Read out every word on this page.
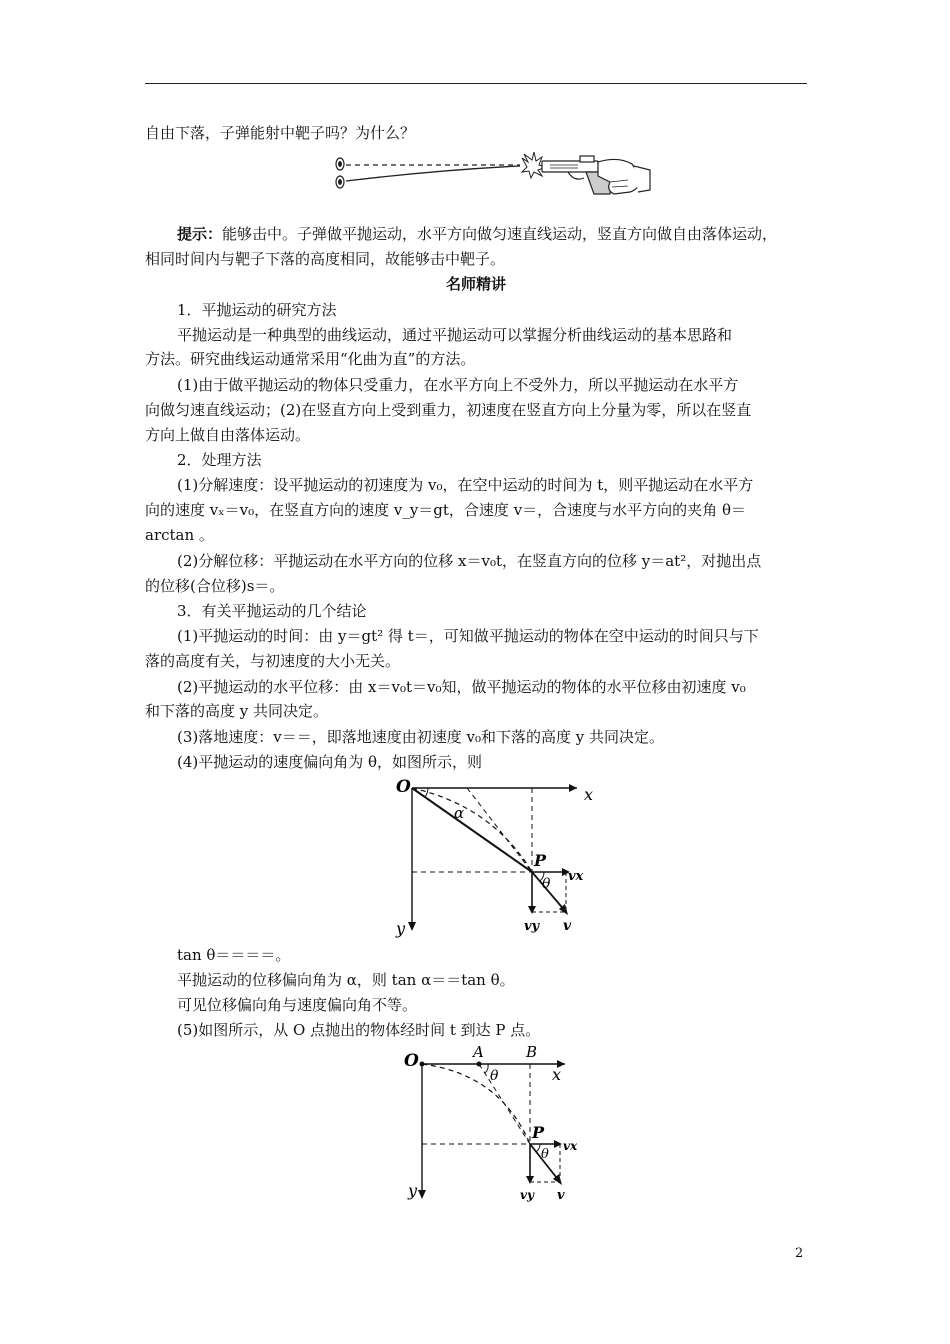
自由下落，子弹能射中靶子吗？为什么？
提示：能够击中。子弹做平抛运动，水平方向做匀速直线运动，竖直方向做自由落体运动，
相同时间内与靶子下落的高度相同，故能够击中靶子。
名师精讲
1．平抛运动的研究方法
平抛运动是一种典型的曲线运动，通过平抛运动可以掌握分析曲线运动的基本思路和
方法。研究曲线运动通常采用“化曲为直”的方法。
(1)由于做平抛运动的物体只受重力，在水平方向上不受外力，所以平抛运动在水平方
向做匀速直线运动；(2)在竖直方向上受到重力，初速度在竖直方向上分量为零，所以在竖直
方向上做自由落体运动。
2．处理方法
(1)分解速度：设平抛运动的初速度为 v₀，在空中运动的时间为 t，则平抛运动在水平方
向的速度 vₓ＝v₀，在竖直方向的速度 v_y＝gt，合速度 v＝，合速度与水平方向的夹角 θ＝
arctan 。
(2)分解位移：平抛运动在水平方向的位移 x＝v₀t，在竖直方向的位移 y＝at²，对抛出点
的位移(合位移)s＝。
3．有关平抛运动的几个结论
(1)平抛运动的时间：由 y＝gt² 得 t＝，可知做平抛运动的物体在空中运动的时间只与下
落的高度有关，与初速度的大小无关。
(2)平抛运动的水平位移：由 x＝v₀t＝v₀知，做平抛运动的物体的水平位移由初速度 v₀
和下落的高度 y 共同决定。
(3)落地速度：v＝＝，即落地速度由初速度 v₀和下落的高度 y 共同决定。
(4)平抛运动的速度偏向角为 θ，如图所示，则
O	x
y
α
P
θ vx
vy v
tan θ＝＝＝＝。
平抛运动的位移偏向角为 α，则 tan α＝＝tan θ。
可见位移偏向角与速度偏向角不等。
(5)如图所示，从 O 点抛出的物体经时间 t 到达 P 点。
O	A	B
x
y
θ
P
θ
vx
vy v
2
